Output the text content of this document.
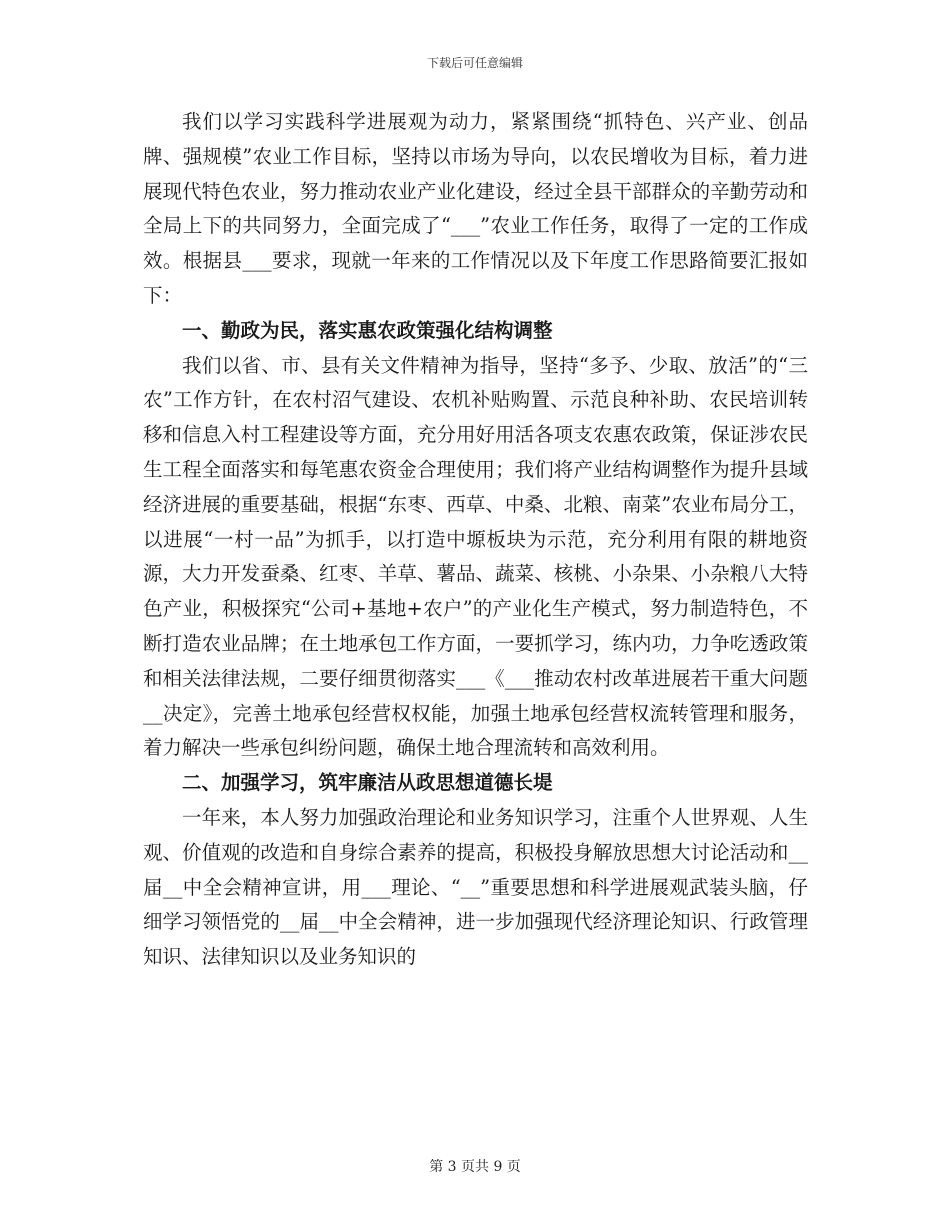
下载后可任意编辑

我们以学习实践科学进展观为动力，紧紧围绕“抓特色、兴产业、创品牌、强规模”农业工作目标，坚持以市场为导向，以农民增收为目标，着力进展现代特色农业，努力推动农业产业化建设，经过全县干部群众的辛勤劳动和全局上下的共同努力，全面完成了“___”农业工作任务，取得了一定的工作成效。根据县___要求，现就一年来的工作情况以及下年度工作思路简要汇报如下：

一、勤政为民，落实惠农政策强化结构调整

我们以省、市、县有关文件精神为指导，坚持“多予、少取、放活”的“三农”工作方针，在农村沼气建设、农机补贴购置、示范良种补助、农民培训转移和信息入村工程建设等方面，充分用好用活各项支农惠农政策，保证涉农民生工程全面落实和每笔惠农资金合理使用；我们将产业结构调整作为提升县域经济进展的重要基础，根据“东枣、西草、中桑、北粮、南菜”农业布局分工，以进展“一村一品”为抓手，以打造中塬板块为示范，充分利用有限的耕地资源，大力开发蚕桑、红枣、羊草、薯品、蔬菜、核桃、小杂果、小杂粮八大特色产业，积极探究“公司+基地+农户”的产业化生产模式，努力制造特色，不断打造农业品牌；在土地承包工作方面，一要抓学习，练内功，力争吃透政策和相关法律法规，二要仔细贯彻落实___《___推动农村改革进展若干重大问题__决定》，完善土地承包经营权权能，加强土地承包经营权流转管理和服务，着力解决一些承包纠纷问题，确保土地合理流转和高效利用。

二、加强学习，筑牢廉洁从政思想道德长堤

一年来，本人努力加强政治理论和业务知识学习，注重个人世界观、人生观、价值观的改造和自身综合素养的提高，积极投身解放思想大讨论活动和__届__中全会精神宣讲，用___理论、“__”重要思想和科学进展观武装头脑，仔细学习领悟党的__届__中全会精神，进一步加强现代经济理论知识、行政管理知识、法律知识以及业务知识的

第 3 页共 9 页
